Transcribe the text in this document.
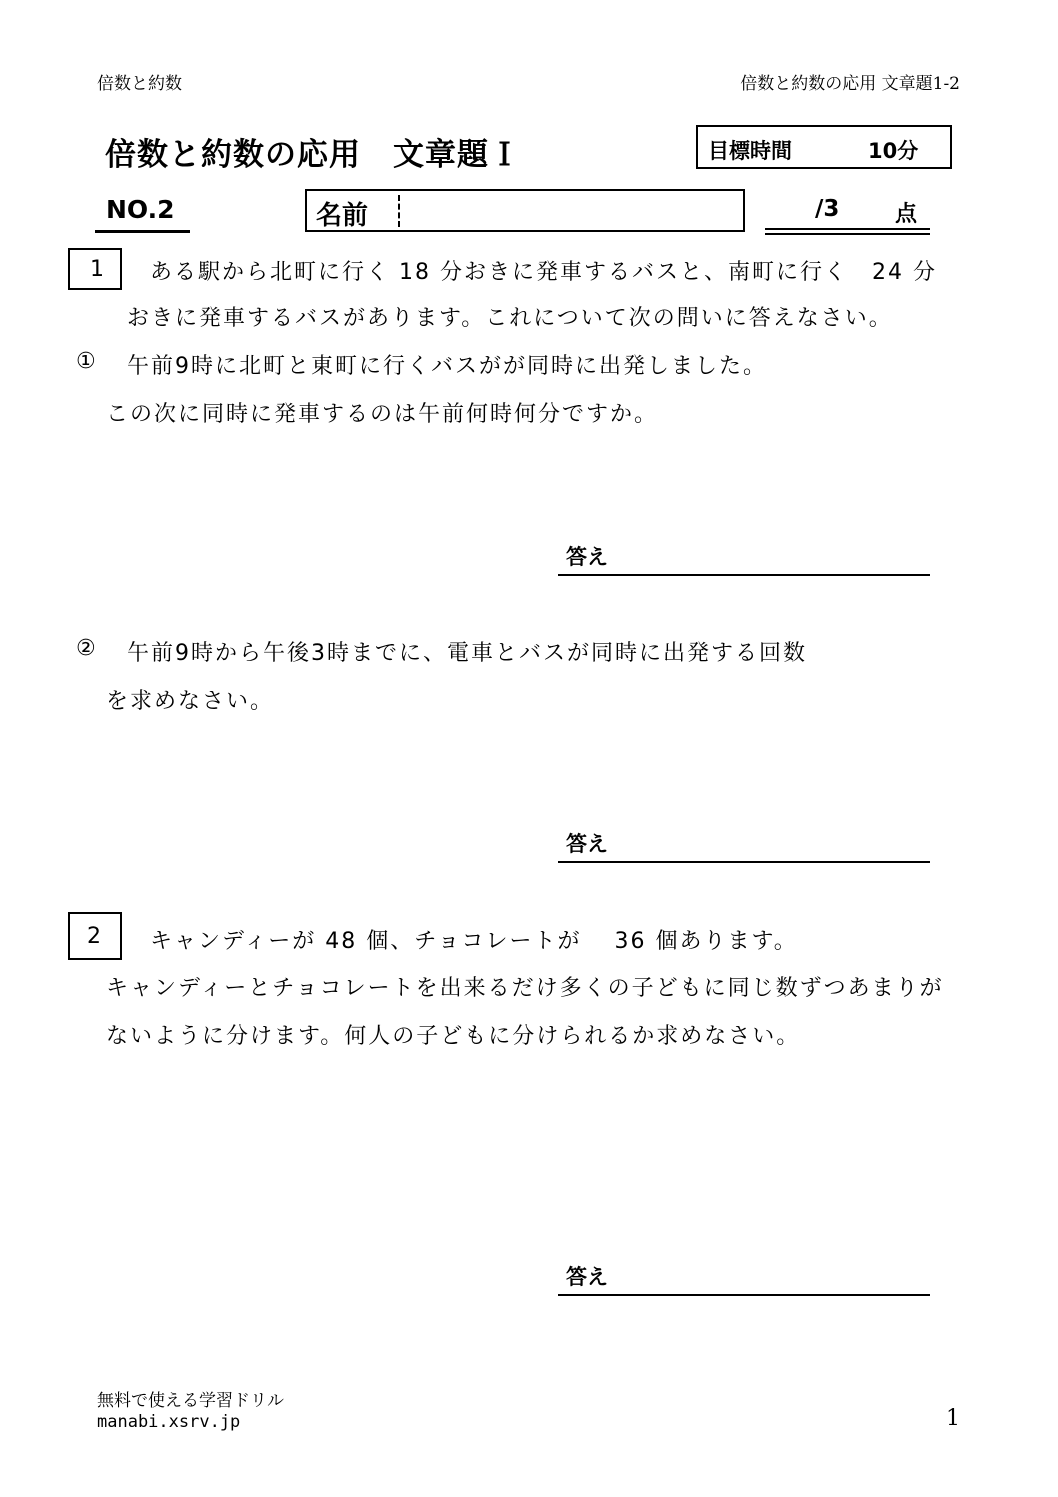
倍数と約数	倍数と約数の応用 文章題1-2
倍数と約数の応用　文章題Ｉ	目標時間	10分
NO.2	名前	/3	点
1 ある駅から北町に行く 18 分おきに発車するバスと、南町に行く　24 分
おきに発車するバスがあります。これについて次の問いに答えなさい。
① 午前9時に北町と東町に行くバスがが同時に出発しました。
この次に同時に発車するのは午前何時何分ですか。
答え
② 午前9時から午後3時までに、電車とバスが同時に出発する回数
を求めなさい。
答え
2 キャンディーが 48 個、チョコレートが　 36 個あります。
キャンディーとチョコレートを出来るだけ多くの子どもに同じ数ずつあまりが
ないように分けます。何人の子どもに分けられるか求めなさい。
答え
無料で使える学習ドリル
manabi.xsrv.jp	1
